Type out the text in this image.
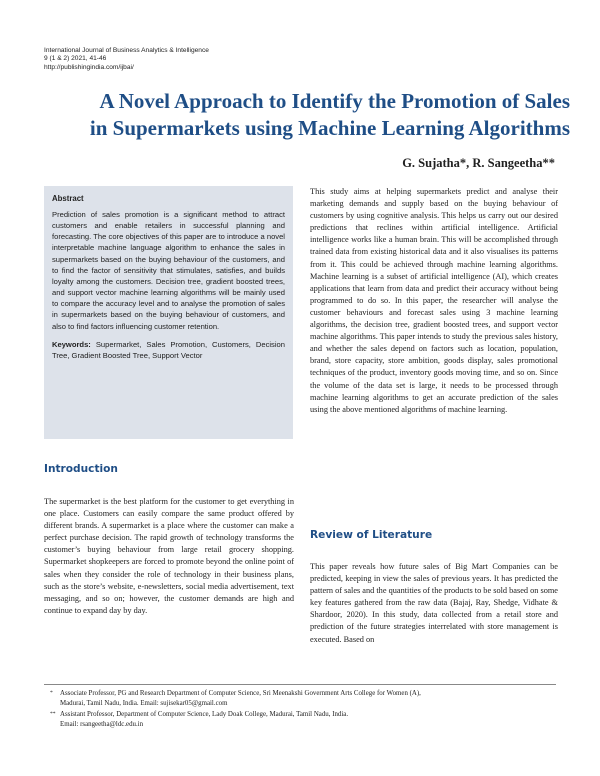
International Journal of Business Analytics & Intelligence
9 (1 & 2) 2021, 41-46
http://publishingindia.com/ijbai/
A Novel Approach to Identify the Promotion of Sales
in Supermarkets using Machine Learning Algorithms
G. Sujatha*, R. Sangeetha**
Abstract
Prediction of sales promotion is a significant method to attract customers and enable retailers in successful planning and forecasting. The core objectives of this paper are to introduce a novel interpretable machine language algorithm to enhance the sales in supermarkets based on the buying behaviour of the customers, and to find the factor of sensitivity that stimulates, satisfies, and builds loyalty among the customers. Decision tree, gradient boosted trees, and support vector machine learning algorithms will be mainly used to compare the accuracy level and to analyse the promotion of sales in supermarkets based on the buying behaviour of customers, and also to find factors influencing customer retention.
Keywords: Supermarket, Sales Promotion, Customers, Decision Tree, Gradient Boosted Tree, Support Vector
Introduction
The supermarket is the best platform for the customer to get everything in one place. Customers can easily compare the same product offered by different brands. A supermarket is a place where the customer can make a perfect purchase decision. The rapid growth of technology transforms the customer’s buying behaviour from large retail grocery shopping. Supermarket shopkeepers are forced to promote beyond the online point of sales when they consider the role of technology in their business plans, such as the store’s website, e-newsletters, social media advertisement, text messaging, and so on; however, the customer demands are high and continue to expand day by day.
This study aims at helping supermarkets predict and analyse their marketing demands and supply based on the buying behaviour of customers by using cognitive analysis. This helps us carry out our desired predictions that reclines within artificial intelligence. Artificial intelligence works like a human brain. This will be accomplished through trained data from existing historical data and it also visualises its patterns from it. This could be achieved through machine learning algorithms. Machine learning is a subset of artificial intelligence (AI), which creates applications that learn from data and predict their accuracy without being programmed to do so. In this paper, the researcher will analyse the customer behaviours and forecast sales using 3 machine learning algorithms, the decision tree, gradient boosted trees, and support vector machine algorithms. This paper intends to study the previous sales history, and whether the sales depend on factors such as location, population, brand, store capacity, store ambition, goods display, sales promotional techniques of the product, inventory goods moving time, and so on. Since the volume of the data set is large, it needs to be processed through machine learning algorithms to get an accurate prediction of the sales using the above mentioned algorithms of machine learning.
Review of Literature
This paper reveals how future sales of Big Mart Companies can be predicted, keeping in view the sales of previous years. It has predicted the pattern of sales and the quantities of the products to be sold based on some key features gathered from the raw data (Bajaj, Ray, Shedge, Vidhate & Shardoor, 2020). In this study, data collected from a retail store and prediction of the future strategies interrelated with store management is executed. Based on
* Associate Professor, PG and Research Department of Computer Science, Sri Meenakshi Government Arts College for Women (A),
Madurai, Tamil Nadu, India. Email: sujisekar05@gmail.com
** Assistant Professor, Department of Computer Science, Lady Doak College, Madurai, Tamil Nadu, India.
Email: rsangeetha@ldc.edu.in
